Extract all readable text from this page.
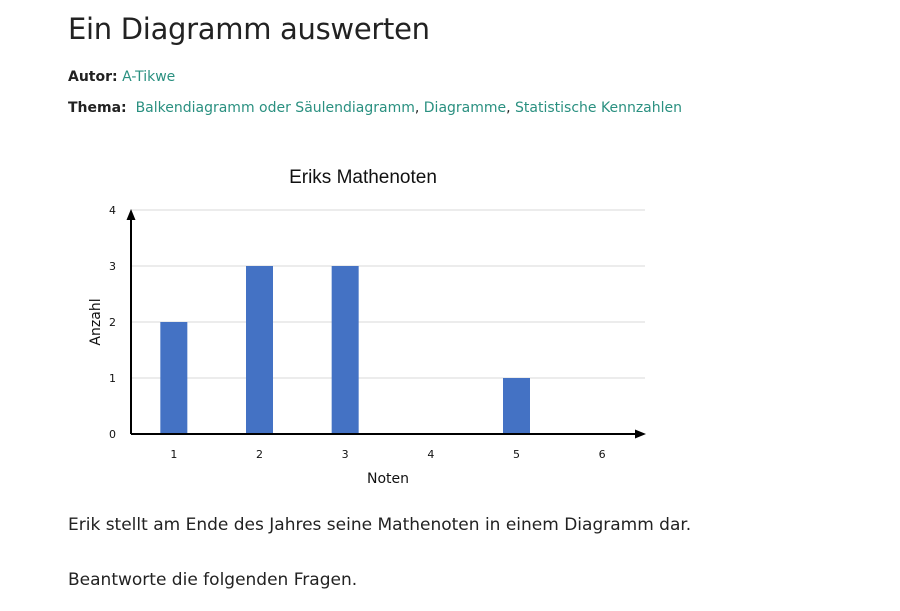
Ein Diagramm auswerten
Autor: A-Tikwe
Thema: Balkendiagramm oder Säulendiagramm, Diagramme, Statistische Kennzahlen
0
1
2
3
4
1	2	3	4	5	6
Eriks Mathenoten
Noten
Anzahl

Erik stellt am Ende des Jahres seine Mathenoten in einem Diagramm dar.

Beantworte die folgenden Fragen.
